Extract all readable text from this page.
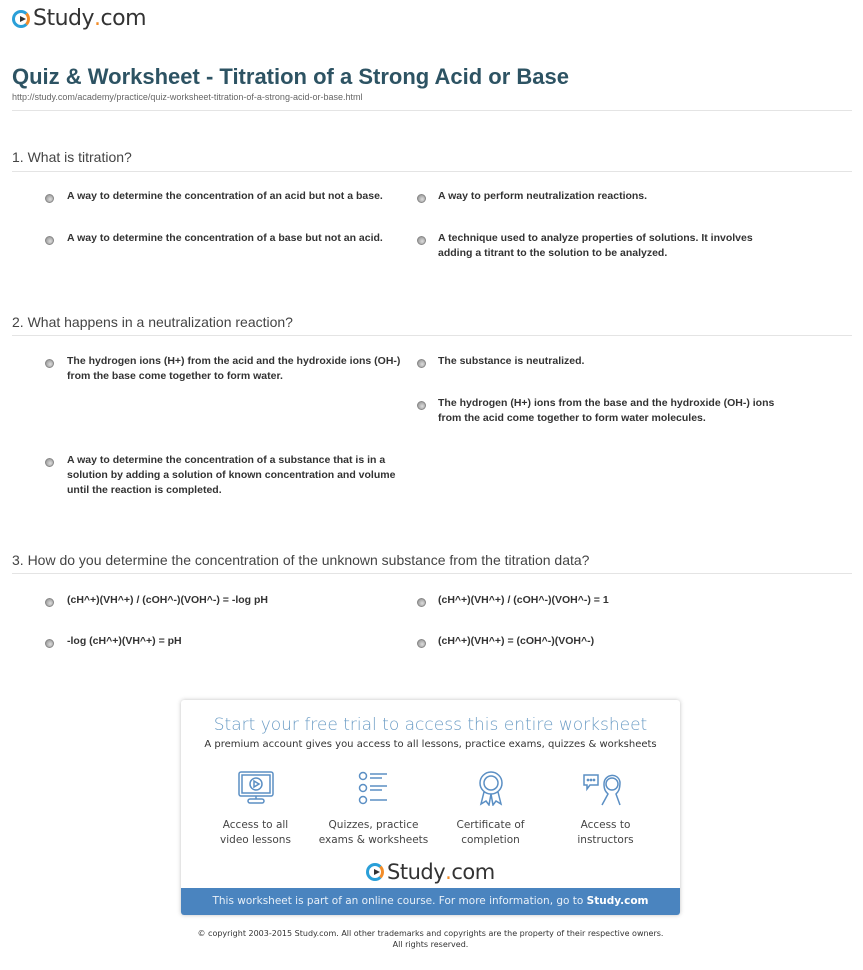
Study . com
Quiz & Worksheet - Titration of a Strong Acid or Base
http://study.com/academy/practice/quiz-worksheet-titration-of-a-strong-acid-or-base.html
1. What is titration?
A way to determine the concentration of an acid but not a base.	A way to perform neutralization reactions.
A way to determine the concentration of a base but not an acid.	A technique used to analyze properties of solutions. It involves adding a titrant to the solution to be analyzed.
2. What happens in a neutralization reaction?
The hydrogen ions (H+) from the acid and the hydroxide ions (OH-) from the base come together to form water.
The substance is neutralized.
The hydrogen (H+) ions from the base and the hydroxide (OH-) ions from the acid come together to form water molecules.
A way to determine the concentration of a substance that is in a solution by adding a solution of known concentration and volume until the reaction is completed.
3. How do you determine the concentration of the unknown substance from the titration data?
(cH^+)(VH^+) / (cOH^-)(VOH^-) = -log pH	(cH^+)(VH^+) / (cOH^-)(VOH^-) = 1
-log (cH^+)(VH^+) = pH	(cH^+)(VH^+) = (cOH^-)(VOH^-)
Start your free trial to access this entire worksheet
A premium account gives you access to all lessons, practice exams, quizzes & worksheets
Access to all
video lessons
Quizzes, practice
exams & worksheets
Certificate of
completion
Access to
instructors
Study . com
This worksheet is part of an online course. For more information, go to Study.com
© copyright 2003-2015 Study.com. All other trademarks and copyrights are the property of their respective owners.
All rights reserved.
